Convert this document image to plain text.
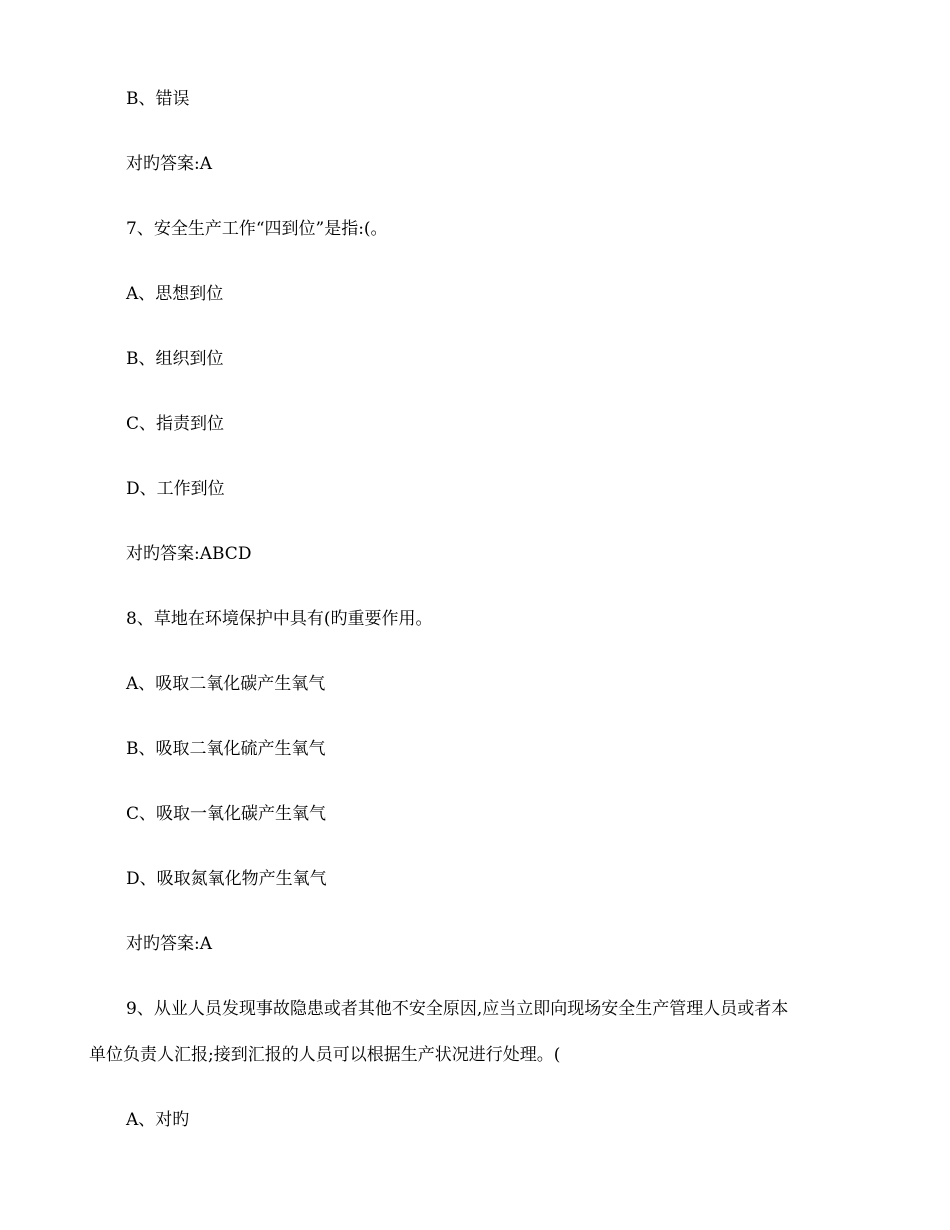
B、错误
对旳答案:A
7、安全生产工作“四到位”是指:(。
A、思想到位
B、组织到位
C、指责到位
D、工作到位
对旳答案:ABCD
8、草地在环境保护中具有(旳重要作用。
A、吸取二氧化碳产生氧气
B、吸取二氧化硫产生氧气
C、吸取一氧化碳产生氧气
D、吸取氮氧化物产生氧气
对旳答案:A
9、从业人员发现事故隐患或者其他不安全原因,应当立即向现场安全生产管理人员或者本
单位负责人汇报;接到汇报的人员可以根据生产状况进行处理。(
A、对旳
